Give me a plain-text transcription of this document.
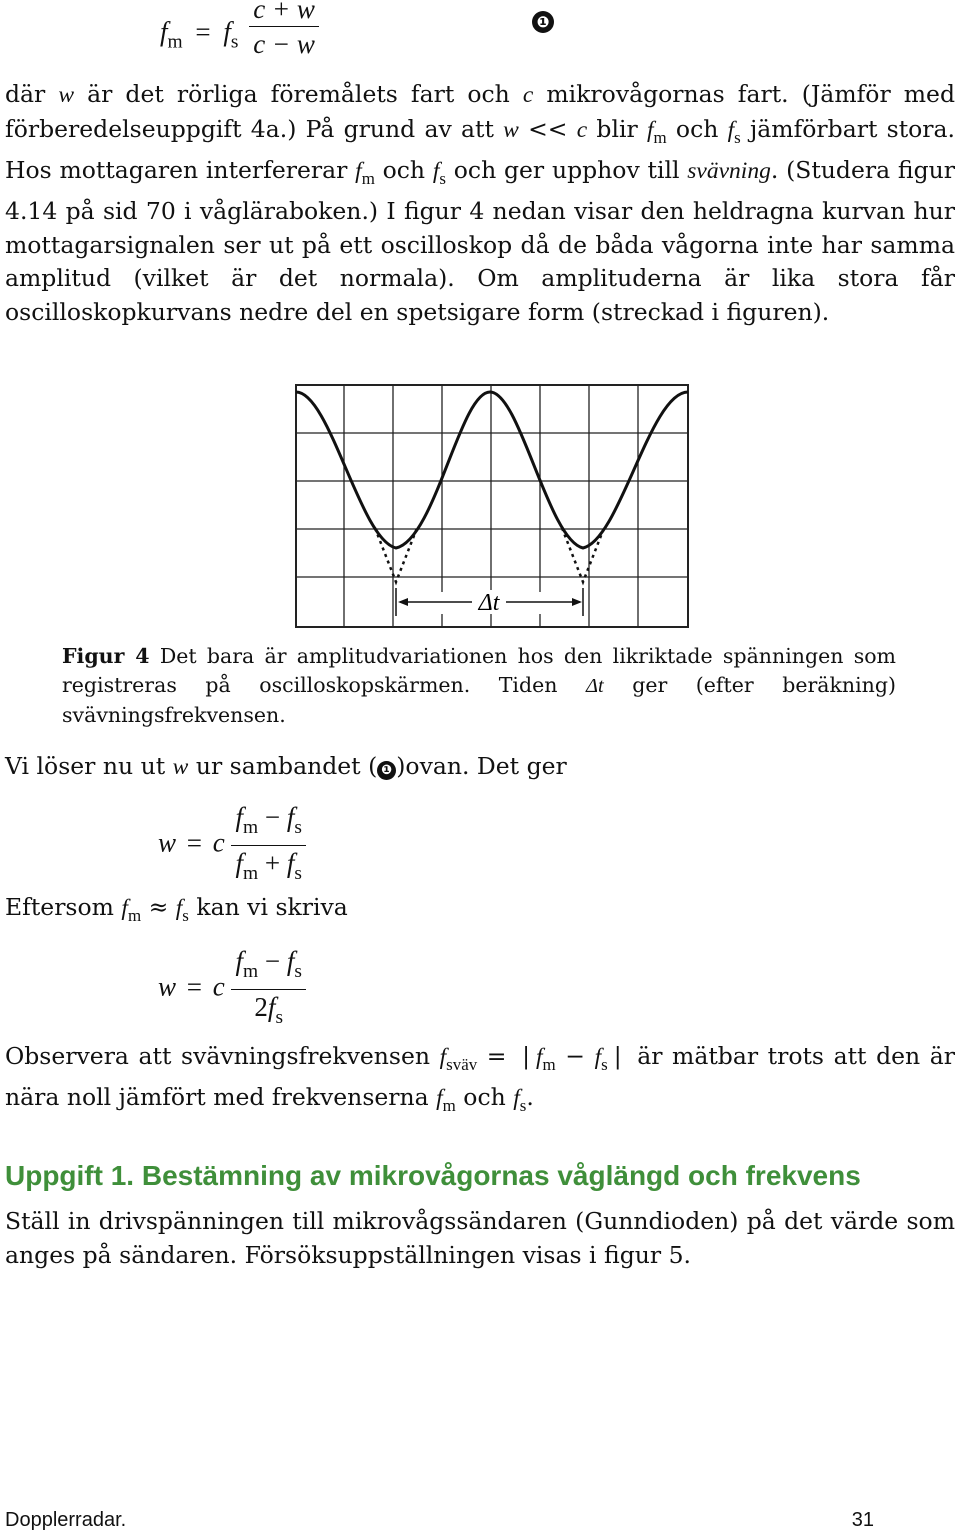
$f_m = f_s \frac{c + w}{c - w}$	❶
där w är det rörliga föremålets fart och c mikrovågornas fart. (Jämför med förberedelseuppgift 4a.) På grund av att w << c blir $f_m$ och $f_s$ jämförbart stora. Hos mottagaren interfererar $f_m$ och $f_s$ och ger upphov till svävning. (Studera figur 4.14 på sid 70 i vågläraboken.) I figur 4 nedan visar den heldragna kurvan hur mottagarsignalen ser ut på ett oscilloskop då de båda vågorna inte har samma amplitud (vilket är det normala). Om amplituderna är lika stora får oscilloskopkurvans nedre del en spetsigare form (streckad i figuren).
Δt
Figur 4 Det bara är amplitudvariationen hos den likriktade spänningen som registreras på oscilloskopskärmen. Tiden Δt ger (efter beräkning) svävningsfrekvensen.
Vi löser nu ut w ur sambandet ( ❶ )ovan. Det ger
w = c $\frac{f_m - f_s}{f_m + f_s}$
Eftersom $f_m \approx f_s$ kan vi skriva
w = c $\frac{f_m - f_s}{2f_s}$
Observera att svävningsfrekvensen $f_{sväv}$ = | $f_m - f_s$ | är mätbar trots att den är nära noll jämfört med frekvenserna $f_m$ och $f_s$.
Uppgift 1. Bestämning av mikrovågornas våglängd och frekvens
Ställ in drivspänningen till mikrovågssändaren (Gunndioden) på det värde som anges på sändaren. Försöksuppställningen visas i figur 5.
Dopplerradar.	31
